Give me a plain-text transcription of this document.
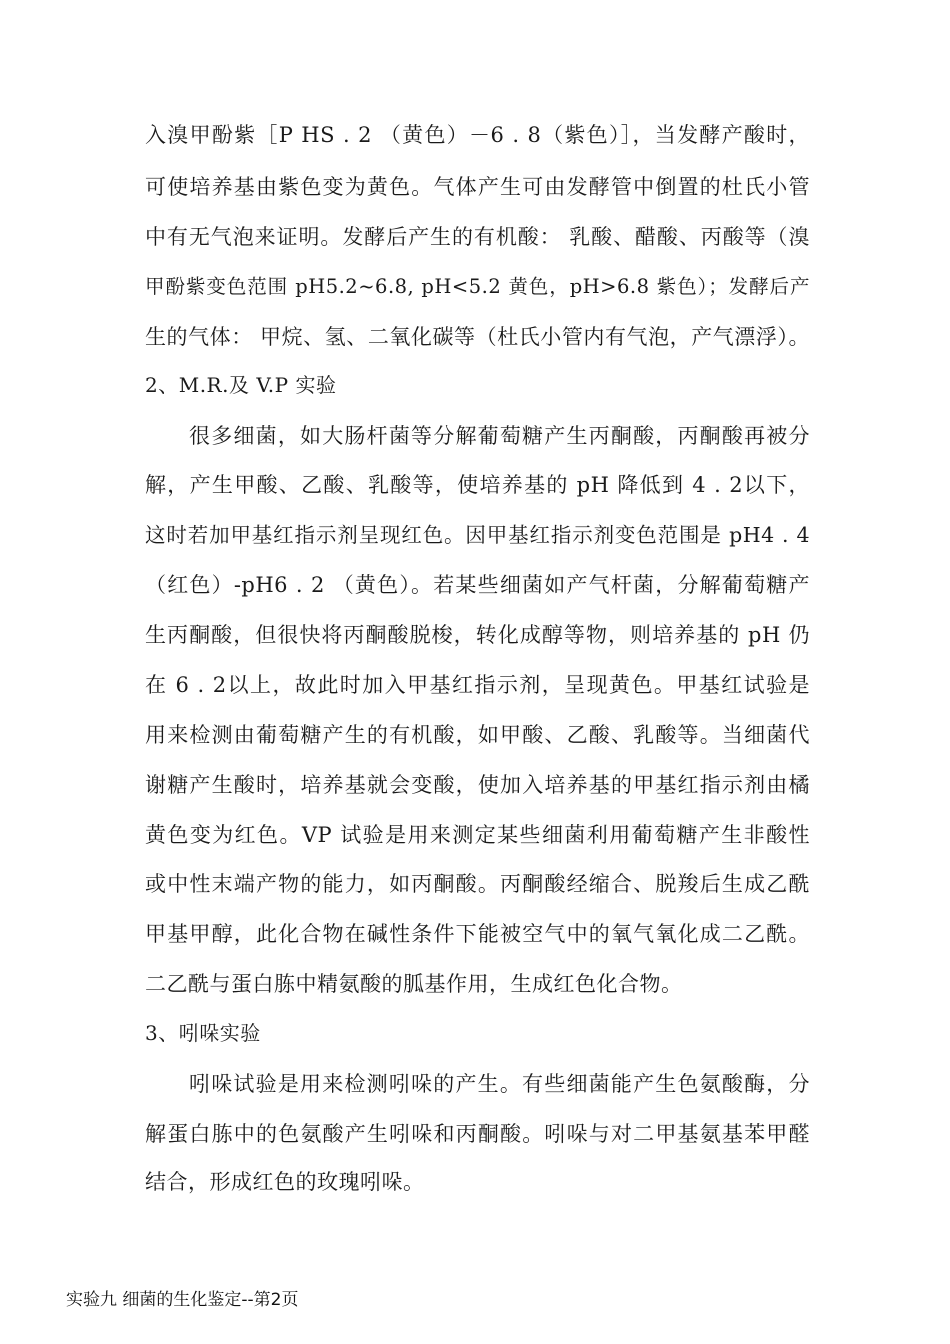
入溴甲酚紫［P HS . 2 （黄色）－6 . 8（紫色）］，当发酵产酸时，
可使培养基由紫色变为黄色。气体产生可由发酵管中倒置的杜氏小管
中有无气泡来证明。发酵后产生的有机酸： 乳酸、醋酸、丙酸等（溴
甲酚紫变色范围 pH5.2~6.8, pH<5.2 黄色，pH>6.8 紫色）；发酵后产
生的气体： 甲烷、氢、二氧化碳等（杜氏小管内有气泡，产气漂浮）。
2、M.R.及 V.P 实验
很多细菌，如大肠杆菌等分解葡萄糖产生丙酮酸，丙酮酸再被分
解，产生甲酸、乙酸、乳酸等，使培养基的 pH 降低到 4 . 2以下，
这时若加甲基红指示剂呈现红色。因甲基红指示剂变色范围是 pH4 . 4
（红色）-pH6 . 2 （黄色）。若某些细菌如产气杆菌，分解葡萄糖产
生丙酮酸，但很快将丙酮酸脱梭，转化成醇等物，则培养基的 pH 仍
在 6 . 2以上，故此时加入甲基红指示剂，呈现黄色。甲基红试验是
用来检测由葡萄糖产生的有机酸，如甲酸、乙酸、乳酸等。当细菌代
谢糖产生酸时，培养基就会变酸，使加入培养基的甲基红指示剂由橘
黄色变为红色。VP 试验是用来测定某些细菌利用葡萄糖产生非酸性
或中性末端产物的能力，如丙酮酸。丙酮酸经缩合、脱羧后生成乙酰
甲基甲醇，此化合物在碱性条件下能被空气中的氧气氧化成二乙酰。
二乙酰与蛋白胨中精氨酸的胍基作用，生成红色化合物。
3、吲哚实验
吲哚试验是用来检测吲哚的产生。有些细菌能产生色氨酸酶，分
解蛋白胨中的色氨酸产生吲哚和丙酮酸。吲哚与对二甲基氨基苯甲醛
结合，形成红色的玫瑰吲哚。
实验九 细菌的生化鉴定--第2页
